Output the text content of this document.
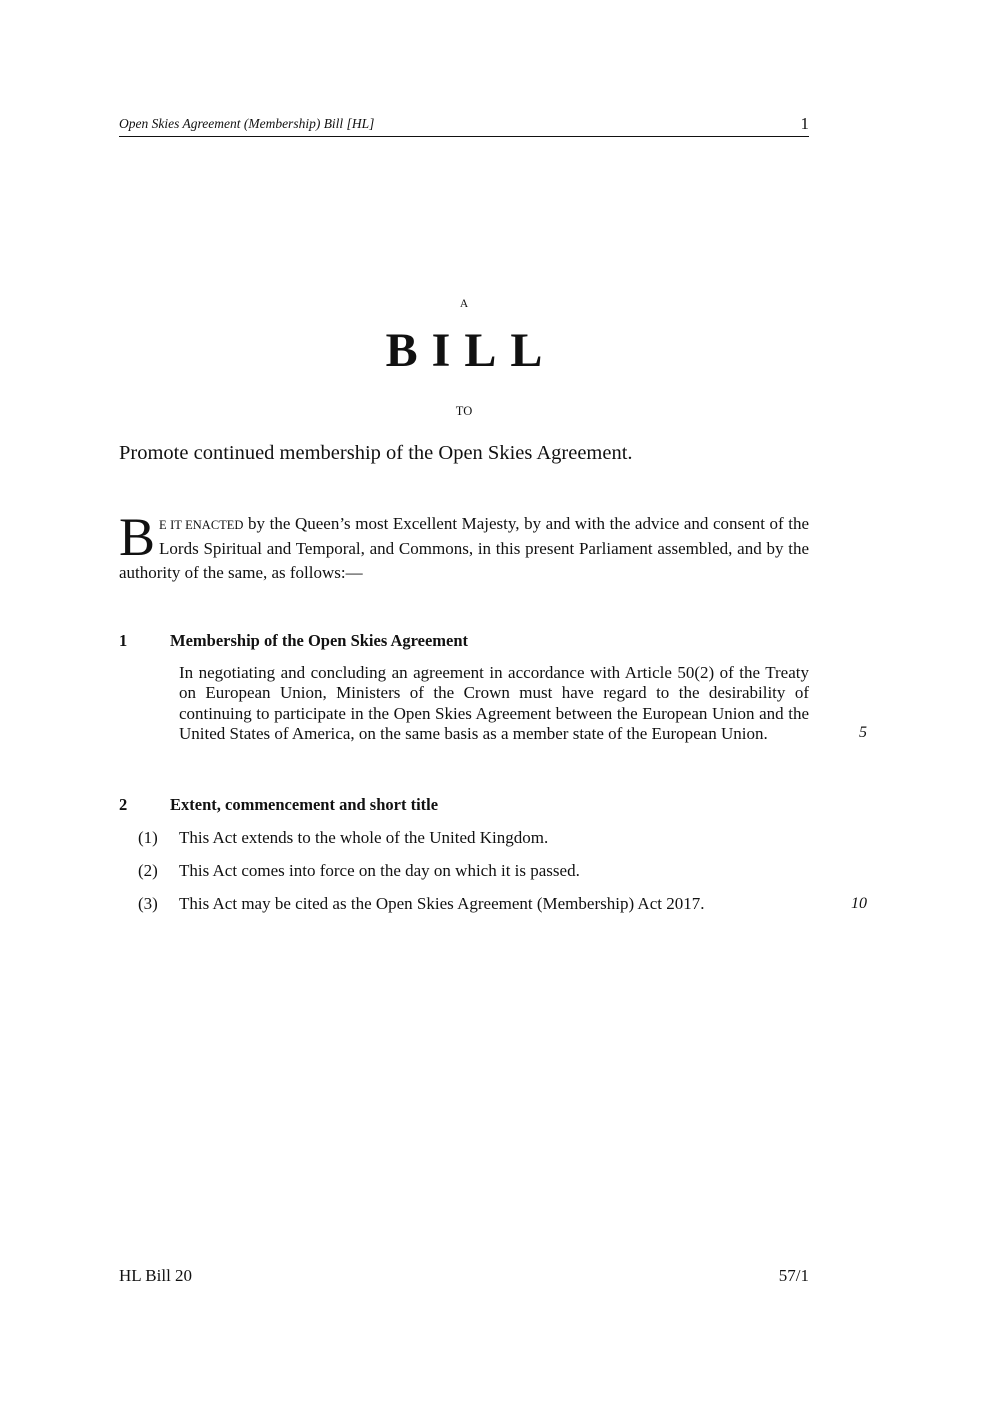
Open Skies Agreement (Membership) Bill [HL]	1
A
BILL
TO
Promote continued membership of the Open Skies Agreement.
B E IT ENACTED by the Queen’s most Excellent Majesty, by and with the advice and consent of the Lords Spiritual and Temporal, and Commons, in this present Parliament assembled, and by the authority of the same, as follows:—
1	Membership of the Open Skies Agreement
In negotiating and concluding an agreement in accordance with Article 50(2) of the Treaty on European Union, Ministers of the Crown must have regard to the desirability of continuing to participate in the Open Skies Agreement between the European Union and the United States of America, on the same basis as a member state of the European Union.	5
2	Extent, commencement and short title
(1) This Act extends to the whole of the United Kingdom.
(2) This Act comes into force on the day on which it is passed.
(3) This Act may be cited as the Open Skies Agreement (Membership) Act 2017.	10
HL Bill 20	57/1
